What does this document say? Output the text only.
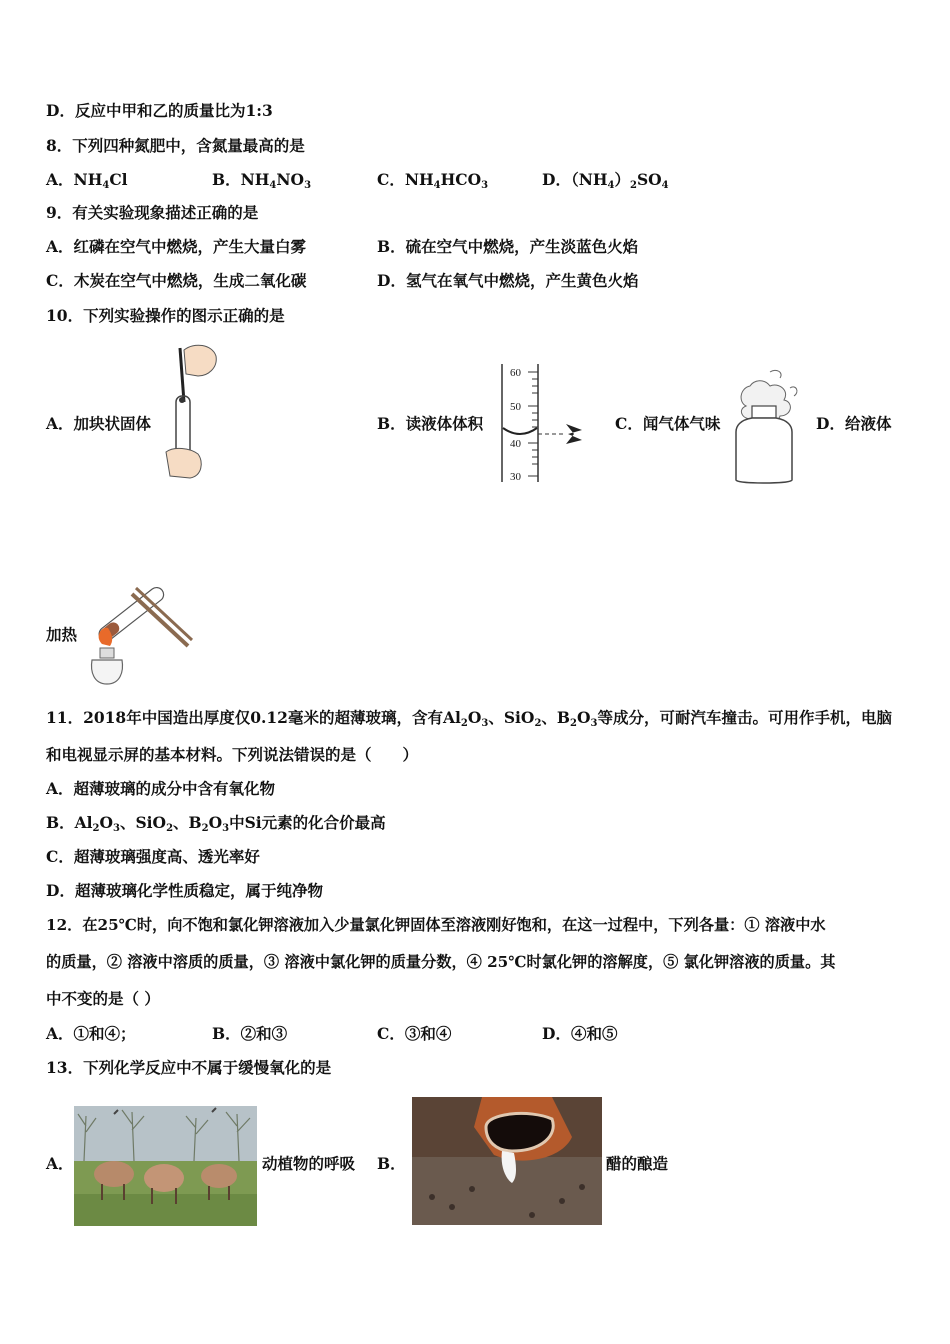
D．反应中甲和乙的质量比为1:3
8．下列四种氮肥中，含氮量最高的是
A．$NH_4Cl$	B．$NH_4NO_3$	C．$NH_4HCO_3$	D．$(NH_4)_2SO_4$
9．有关实验现象描述正确的是
A．红磷在空气中燃烧，产生大量白雾	B．硫在空气中燃烧，产生淡蓝色火焰
C．木炭在空气中燃烧，生成二氧化碳	D．氢气在氧气中燃烧，产生黄色火焰
10．下列实验操作的图示正确的是
A．加块状固体	B．读液体体积	C．闻气体气味	D．给液体
加热
60
50
40
30
11．2018年中国造出厚度仅0.12毫米的超薄玻璃，含有$Al_2O_3$、SiO$_2$、$B_2O_3$等成分，可耐汽车撞击。可用作手机，电脑
和电视显示屏的基本材料。下列说法错误的是（　　）
A．超薄玻璃的成分中含有氧化物
B．$Al_2O_3$、SiO$_2$、$B_2O_3$中Si元素的化合价最高
C．超薄玻璃强度高、透光率好
D．超薄玻璃化学性质稳定，属于纯净物
12．在25℃时，向不饱和氯化钾溶液加入少量氯化钾固体至溶液刚好饱和，在这一过程中，下列各量：① 溶液中水
的质量，② 溶液中溶质的质量，③ 溶液中氯化钾的质量分数，④ 25℃时氯化钾的溶解度，⑤ 氯化钾溶液的质量。其
中不变的是（ ）
A．①和④；	B．②和③	C．③和④	D．④和⑤
13．下列化学反应中不属于缓慢氧化的是
A．	动植物的呼吸 B．	醋的酿造
